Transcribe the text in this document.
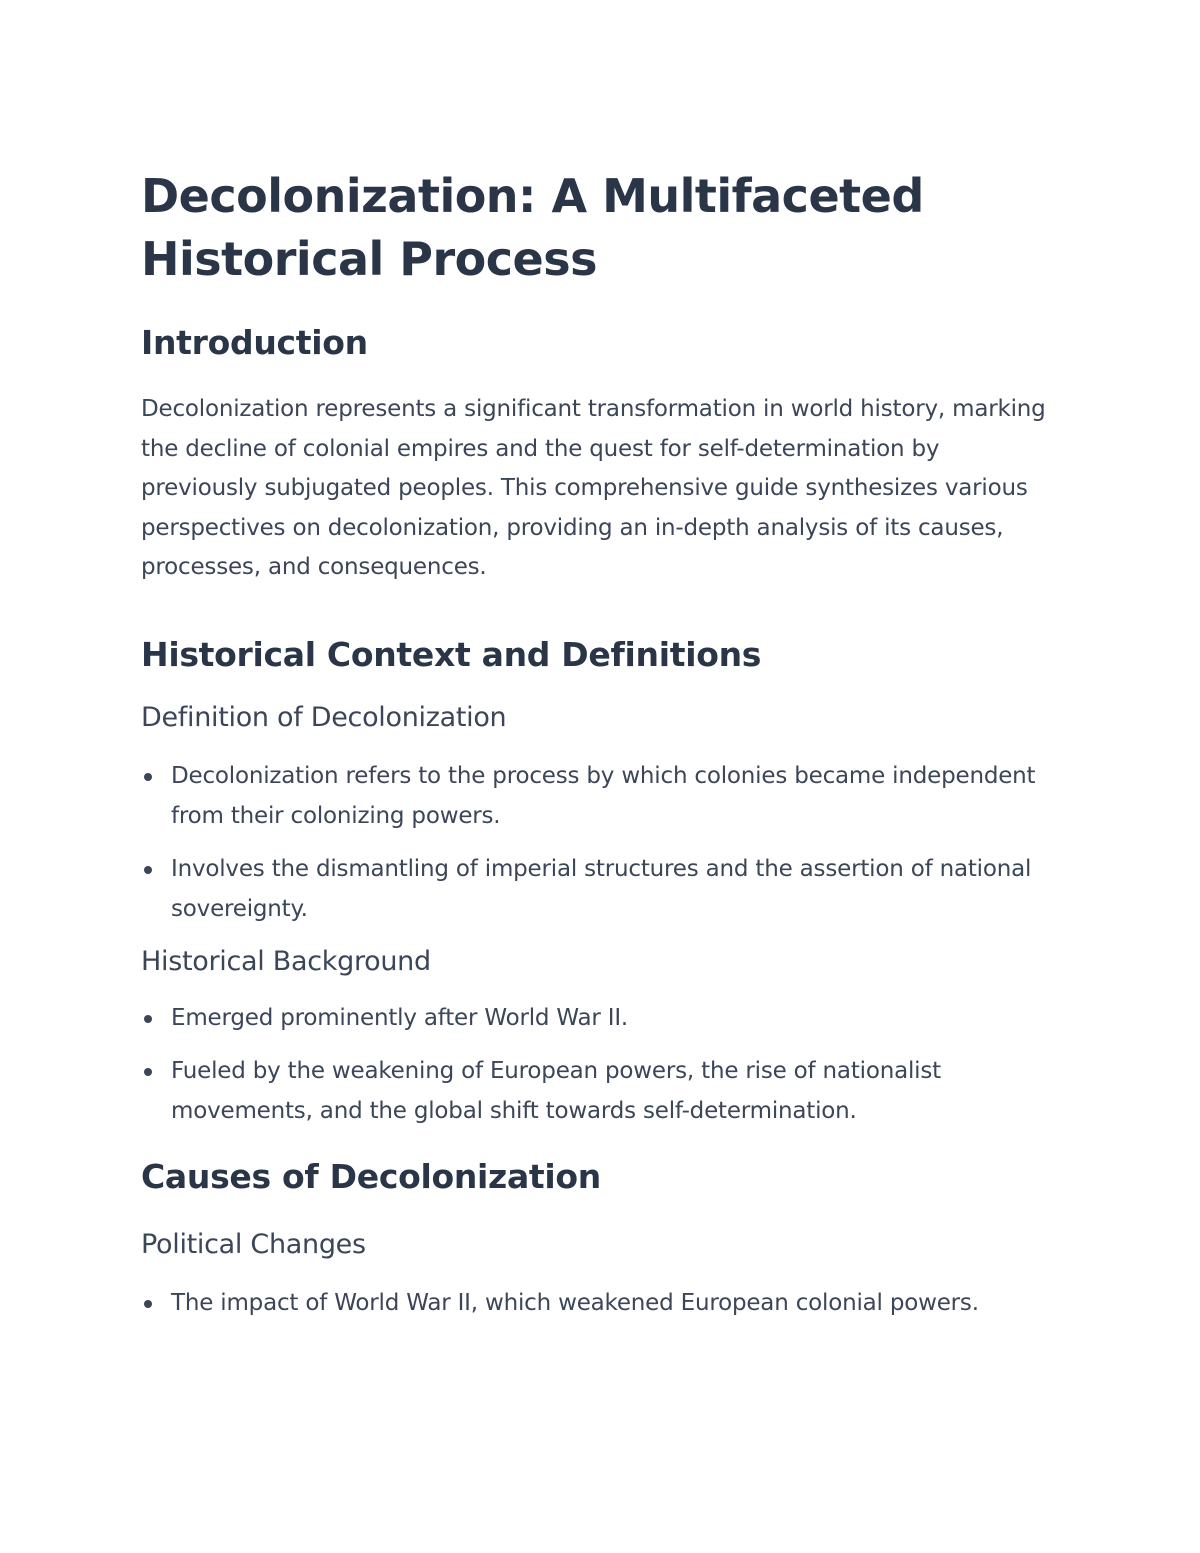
Decolonization: A Multifaceted Historical Process
Introduction

Decolonization represents a significant transformation in world history, marking the decline of colonial empires and the quest for self-determination by previously subjugated peoples. This comprehensive guide synthesizes various perspectives on decolonization, providing an in-depth analysis of its causes, processes, and consequences.

Historical Context and Definitions
Definition of Decolonization
Decolonization refers to the process by which colonies became independent from their colonizing powers.
Involves the dismantling of imperial structures and the assertion of national sovereignty.
Historical Background
Emerged prominently after World War II.
Fueled by the weakening of European powers, the rise of nationalist movements, and the global shift towards self-determination.
Causes of Decolonization
Political Changes
The impact of World War II, which weakened European colonial powers.
